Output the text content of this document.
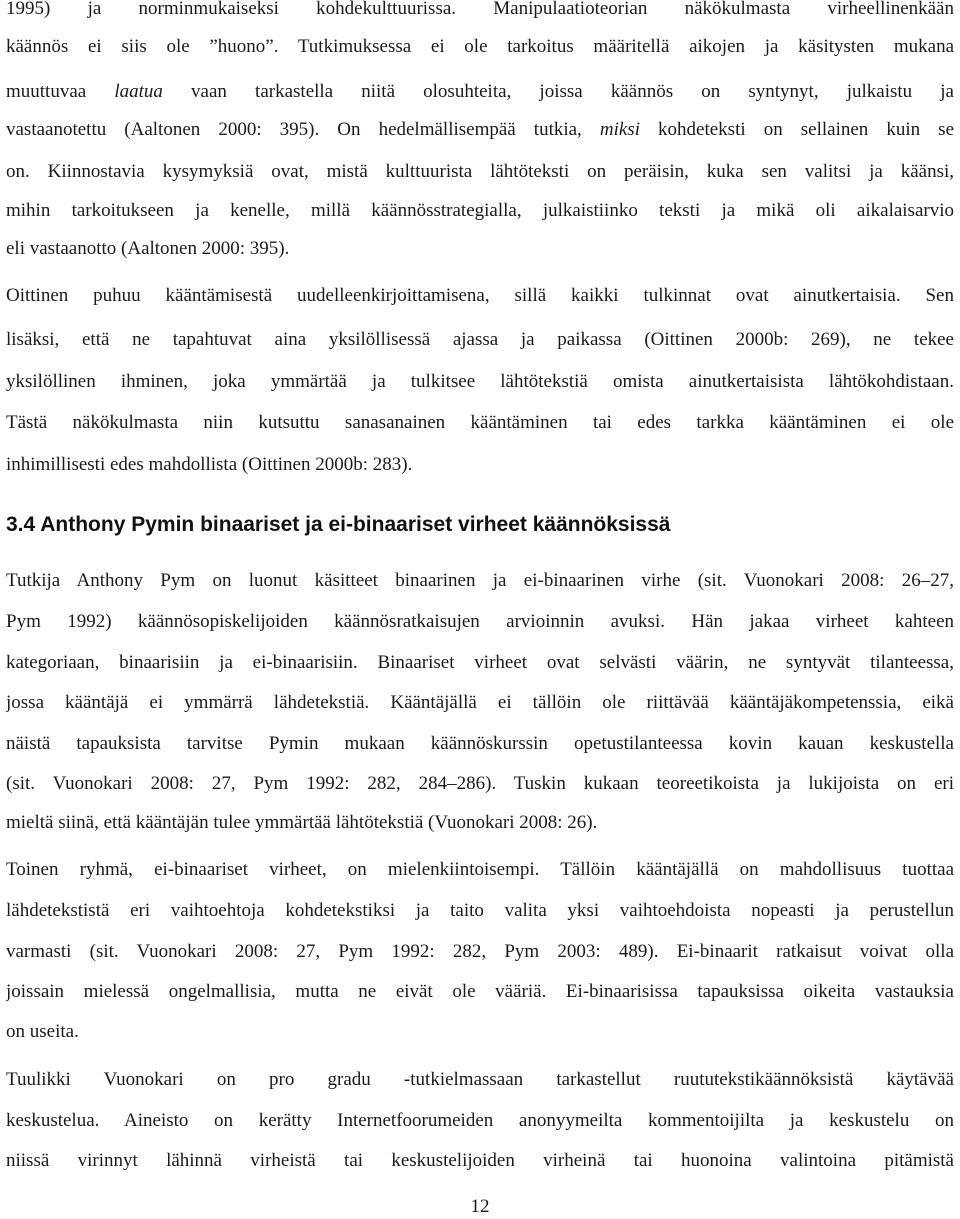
1995) ja norminmukaiseksi kohdekulttuurissa. Manipulaatioteorian näkökulmasta virheellinenkään
käännös ei siis ole ”huono”. Tutkimuksessa ei ole tarkoitus määritellä aikojen ja käsitysten mukana
muuttuvaa laatua vaan tarkastella niitä olosuhteita, joissa käännös on syntynyt, julkaistu ja
vastaanotettu (Aaltonen 2000: 395). On hedelmällisempää tutkia, miksi kohdeteksti on sellainen kuin se
on. Kiinnostavia kysymyksiä ovat, mistä kulttuurista lähtöteksti on peräisin, kuka sen valitsi ja käänsi,
mihin tarkoitukseen ja kenelle, millä käännösstrategialla, julkaistiinko teksti ja mikä oli aikalaisarvio
eli vastaanotto (Aaltonen 2000: 395).
Oittinen puhuu kääntämisestä uudelleenkirjoittamisena, sillä kaikki tulkinnat ovat ainutkertaisia. Sen
lisäksi, että ne tapahtuvat aina yksilöllisessä ajassa ja paikassa (Oittinen 2000b: 269), ne tekee
yksilöllinen ihminen, joka ymmärtää ja tulkitsee lähtötekstiä omista ainutkertaisista lähtökohdistaan.
Tästä näkökulmasta niin kutsuttu sanasanainen kääntäminen tai edes tarkka kääntäminen ei ole
inhimillisesti edes mahdollista (Oittinen 2000b: 283).
3.4 Anthony Pymin binaariset ja ei-binaariset virheet käännöksissä
Tutkija Anthony Pym on luonut käsitteet binaarinen ja ei-binaarinen virhe (sit. Vuonokari 2008: 26–27,
Pym 1992) käännösopiskelijoiden käännösratkaisujen arvioinnin avuksi. Hän jakaa virheet kahteen
kategoriaan, binaarisiin ja ei-binaarisiin. Binaariset virheet ovat selvästi väärin, ne syntyvät tilanteessa,
jossa kääntäjä ei ymmärrä lähdetekstiä. Kääntäjällä ei tällöin ole riittävää kääntäjäkompetenssia, eikä
näistä tapauksista tarvitse Pymin mukaan käännöskurssin opetustilanteessa kovin kauan keskustella
(sit. Vuonokari 2008: 27, Pym 1992: 282, 284–286). Tuskin kukaan teoreetikoista ja lukijoista on eri
mieltä siinä, että kääntäjän tulee ymmärtää lähtötekstiä (Vuonokari 2008: 26).
Toinen ryhmä, ei-binaariset virheet, on mielenkiintoisempi. Tällöin kääntäjällä on mahdollisuus tuottaa
lähdetekstistä eri vaihtoehtoja kohdetekstiksi ja taito valita yksi vaihtoehdoista nopeasti ja perustellun
varmasti (sit. Vuonokari 2008: 27, Pym 1992: 282, Pym 2003: 489). Ei-binaarit ratkaisut voivat olla
joissain mielessä ongelmallisia, mutta ne eivät ole vääriä. Ei-binaarisissa tapauksissa oikeita vastauksia
on useita.
Tuulikki Vuonokari on pro gradu -tutkielmassaan tarkastellut ruututekstikäännöksistä käytävää
keskustelua. Aineisto on kerätty Internetfoorumeiden anonyymeilta kommentoijilta ja keskustelu on
niissä virinnyt lähinnä virheistä tai keskustelijoiden virheinä tai huonoina valintoina pitämistä
12
